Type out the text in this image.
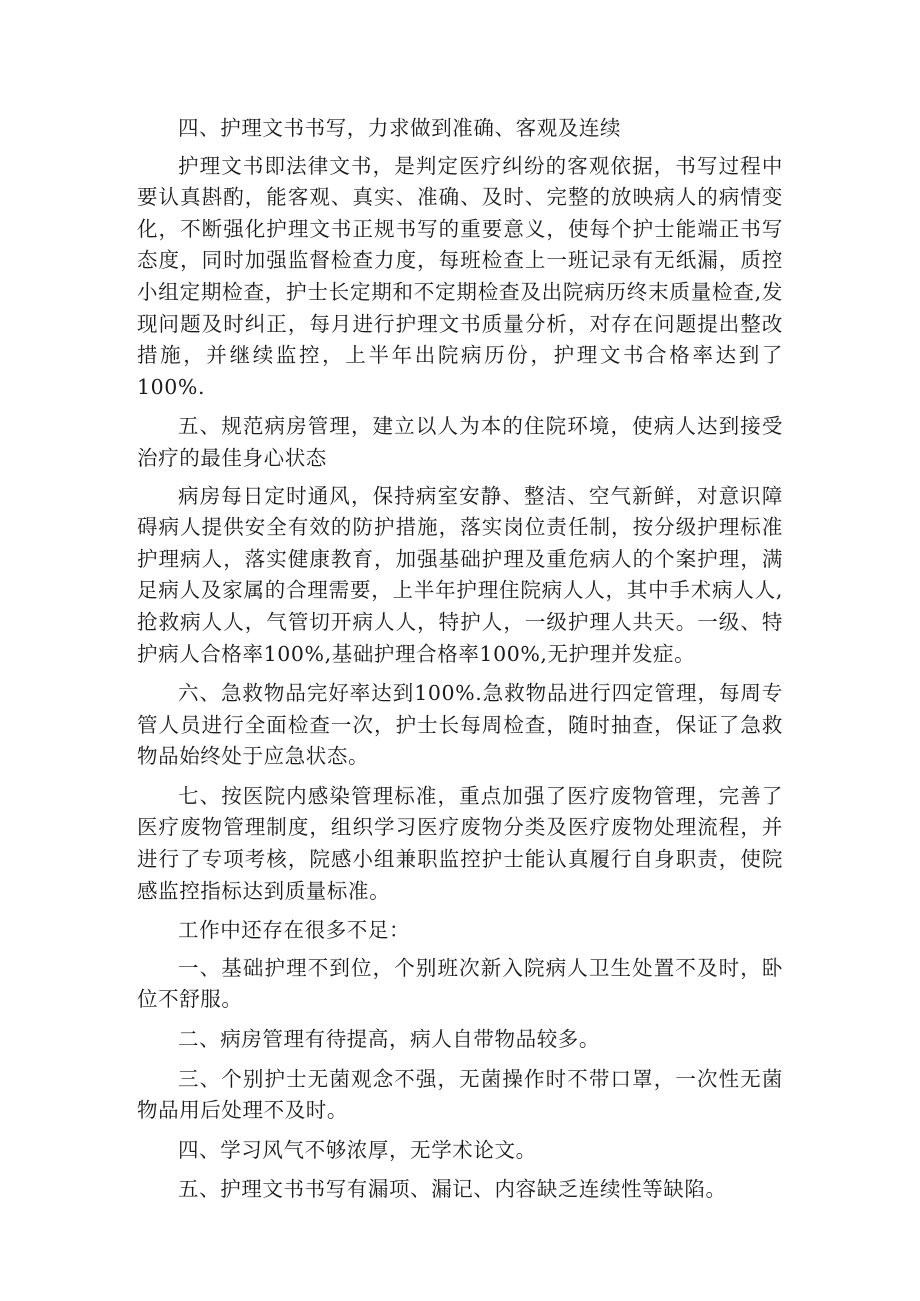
四、护理文书书写，力求做到准确、客观及连续

护理文书即法律文书，是判定医疗纠纷的客观依据，书写过程中要认真斟酌，能客观、真实、准确、及时、完整的放映病人的病情变化，不断强化护理文书正规书写的重要意义，使每个护士能端正书写态度，同时加强监督检查力度，每班检查上一班记录有无纸漏，质控小组定期检查，护士长定期和不定期检查及出院病历终末质量检查,发现问题及时纠正，每月进行护理文书质量分析，对存在问题提出整改措施，并继续监控，上半年出院病历份，护理文书合格率达到了100%.

五、规范病房管理，建立以人为本的住院环境，使病人达到接受治疗的最佳身心状态

病房每日定时通风，保持病室安静、整洁、空气新鲜，对意识障碍病人提供安全有效的防护措施，落实岗位责任制，按分级护理标准护理病人，落实健康教育，加强基础护理及重危病人的个案护理，满足病人及家属的合理需要，上半年护理住院病人人，其中手术病人人,抢救病人人，气管切开病人人，特护人，一级护理人共天。一级、特护病人合格率100%,基础护理合格率100%,无护理并发症。

六、急救物品完好率达到100%.急救物品进行四定管理，每周专管人员进行全面检查一次，护士长每周检查，随时抽查，保证了急救物品始终处于应急状态。

七、按医院内感染管理标准，重点加强了医疗废物管理，完善了医疗废物管理制度，组织学习医疗废物分类及医疗废物处理流程，并进行了专项考核，院感小组兼职监控护士能认真履行自身职责，使院感监控指标达到质量标准。

工作中还存在很多不足：

一、基础护理不到位，个别班次新入院病人卫生处置不及时，卧位不舒服。

二、病房管理有待提高，病人自带物品较多。

三、个别护士无菌观念不强，无菌操作时不带口罩，一次性无菌物品用后处理不及时。

四、学习风气不够浓厚，无学术论文。

五、护理文书书写有漏项、漏记、内容缺乏连续性等缺陷。
